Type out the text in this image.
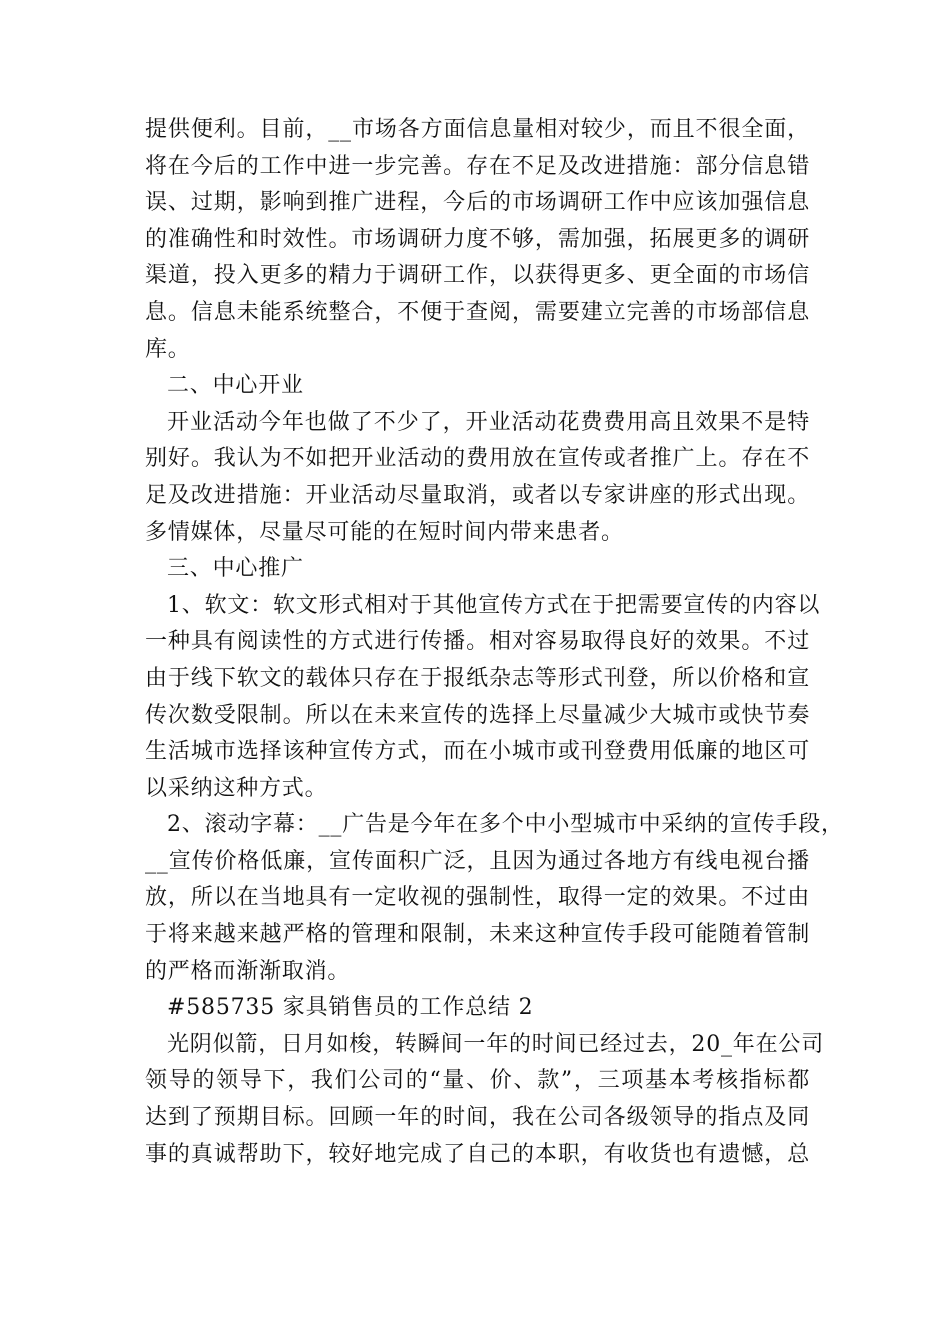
提供便利。目前，__市场各方面信息量相对较少，而且不很全面，
将在今后的工作中进一步完善。存在不足及改进措施：部分信息错
误、过期，影响到推广进程，今后的市场调研工作中应该加强信息
的准确性和时效性。市场调研力度不够，需加强，拓展更多的调研
渠道，投入更多的精力于调研工作，以获得更多、更全面的市场信
息。信息未能系统整合，不便于查阅，需要建立完善的市场部信息
库。
二、中心开业
开业活动今年也做了不少了，开业活动花费费用高且效果不是特
别好。我认为不如把开业活动的费用放在宣传或者推广上。存在不
足及改进措施：开业活动尽量取消，或者以专家讲座的形式出现。
多情媒体，尽量尽可能的在短时间内带来患者。
三、中心推广
1、软文：软文形式相对于其他宣传方式在于把需要宣传的内容以
一种具有阅读性的方式进行传播。相对容易取得良好的效果。不过
由于线下软文的载体只存在于报纸杂志等形式刊登，所以价格和宣
传次数受限制。所以在未来宣传的选择上尽量减少大城市或快节奏
生活城市选择该种宣传方式，而在小城市或刊登费用低廉的地区可
以采纳这种方式。
2、滚动字幕：__广告是今年在多个中小型城市中采纳的宣传手段，
__宣传价格低廉，宣传面积广泛，且因为通过各地方有线电视台播
放，所以在当地具有一定收视的强制性，取得一定的效果。不过由
于将来越来越严格的管理和限制，未来这种宣传手段可能随着管制
的严格而渐渐取消。
#585735 家具销售员的工作总结 2
光阴似箭，日月如梭，转瞬间一年的时间已经过去，20_年在公司
领导的领导下，我们公司的“量、价、款”，三项基本考核指标都
达到了预期目标。回顾一年的时间，我在公司各级领导的指点及同
事的真诚帮助下，较好地完成了自己的本职，有收货也有遗憾，总
